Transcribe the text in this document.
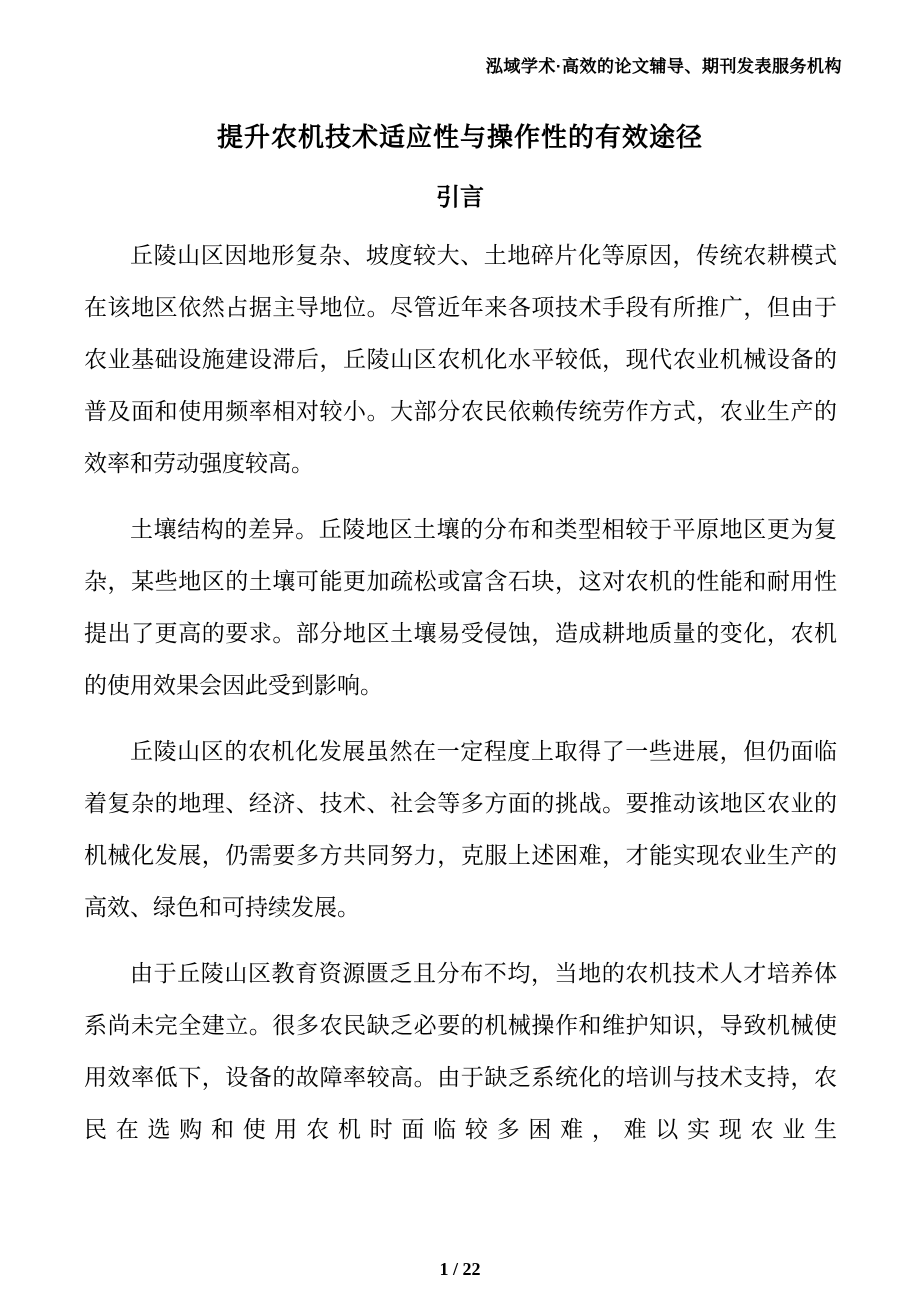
泓域学术·高效的论文辅导、期刊发表服务机构
提升农机技术适应性与操作性的有效途径
引言

丘陵山区因地形复杂、坡度较大、土地碎片化等原因，传统农耕模式在该地区依然占据主导地位。尽管近年来各项技术手段有所推广，但由于农业基础设施建设滞后，丘陵山区农机化水平较低，现代农业机械设备的普及面和使用频率相对较小。大部分农民依赖传统劳作方式，农业生产的效率和劳动强度较高。

土壤结构的差异。丘陵地区土壤的分布和类型相较于平原地区更为复杂，某些地区的土壤可能更加疏松或富含石块，这对农机的性能和耐用性提出了更高的要求。部分地区土壤易受侵蚀，造成耕地质量的变化，农机的使用效果会因此受到影响。

丘陵山区的农机化发展虽然在一定程度上取得了一些进展，但仍面临着复杂的地理、经济、技术、社会等多方面的挑战。要推动该地区农业的机械化发展，仍需要多方共同努力，克服上述困难，才能实现农业生产的高效、绿色和可持续发展。

由于丘陵山区教育资源匮乏且分布不均，当地的农机技术人才培养体系尚未完全建立。很多农民缺乏必要的机械操作和维护知识，导致机械使用效率低下，设备的故障率较高。由于缺乏系统化的培训与技术支持，农民在选购和使用农机时面临较多困难，难以实现农业生

1 / 22
